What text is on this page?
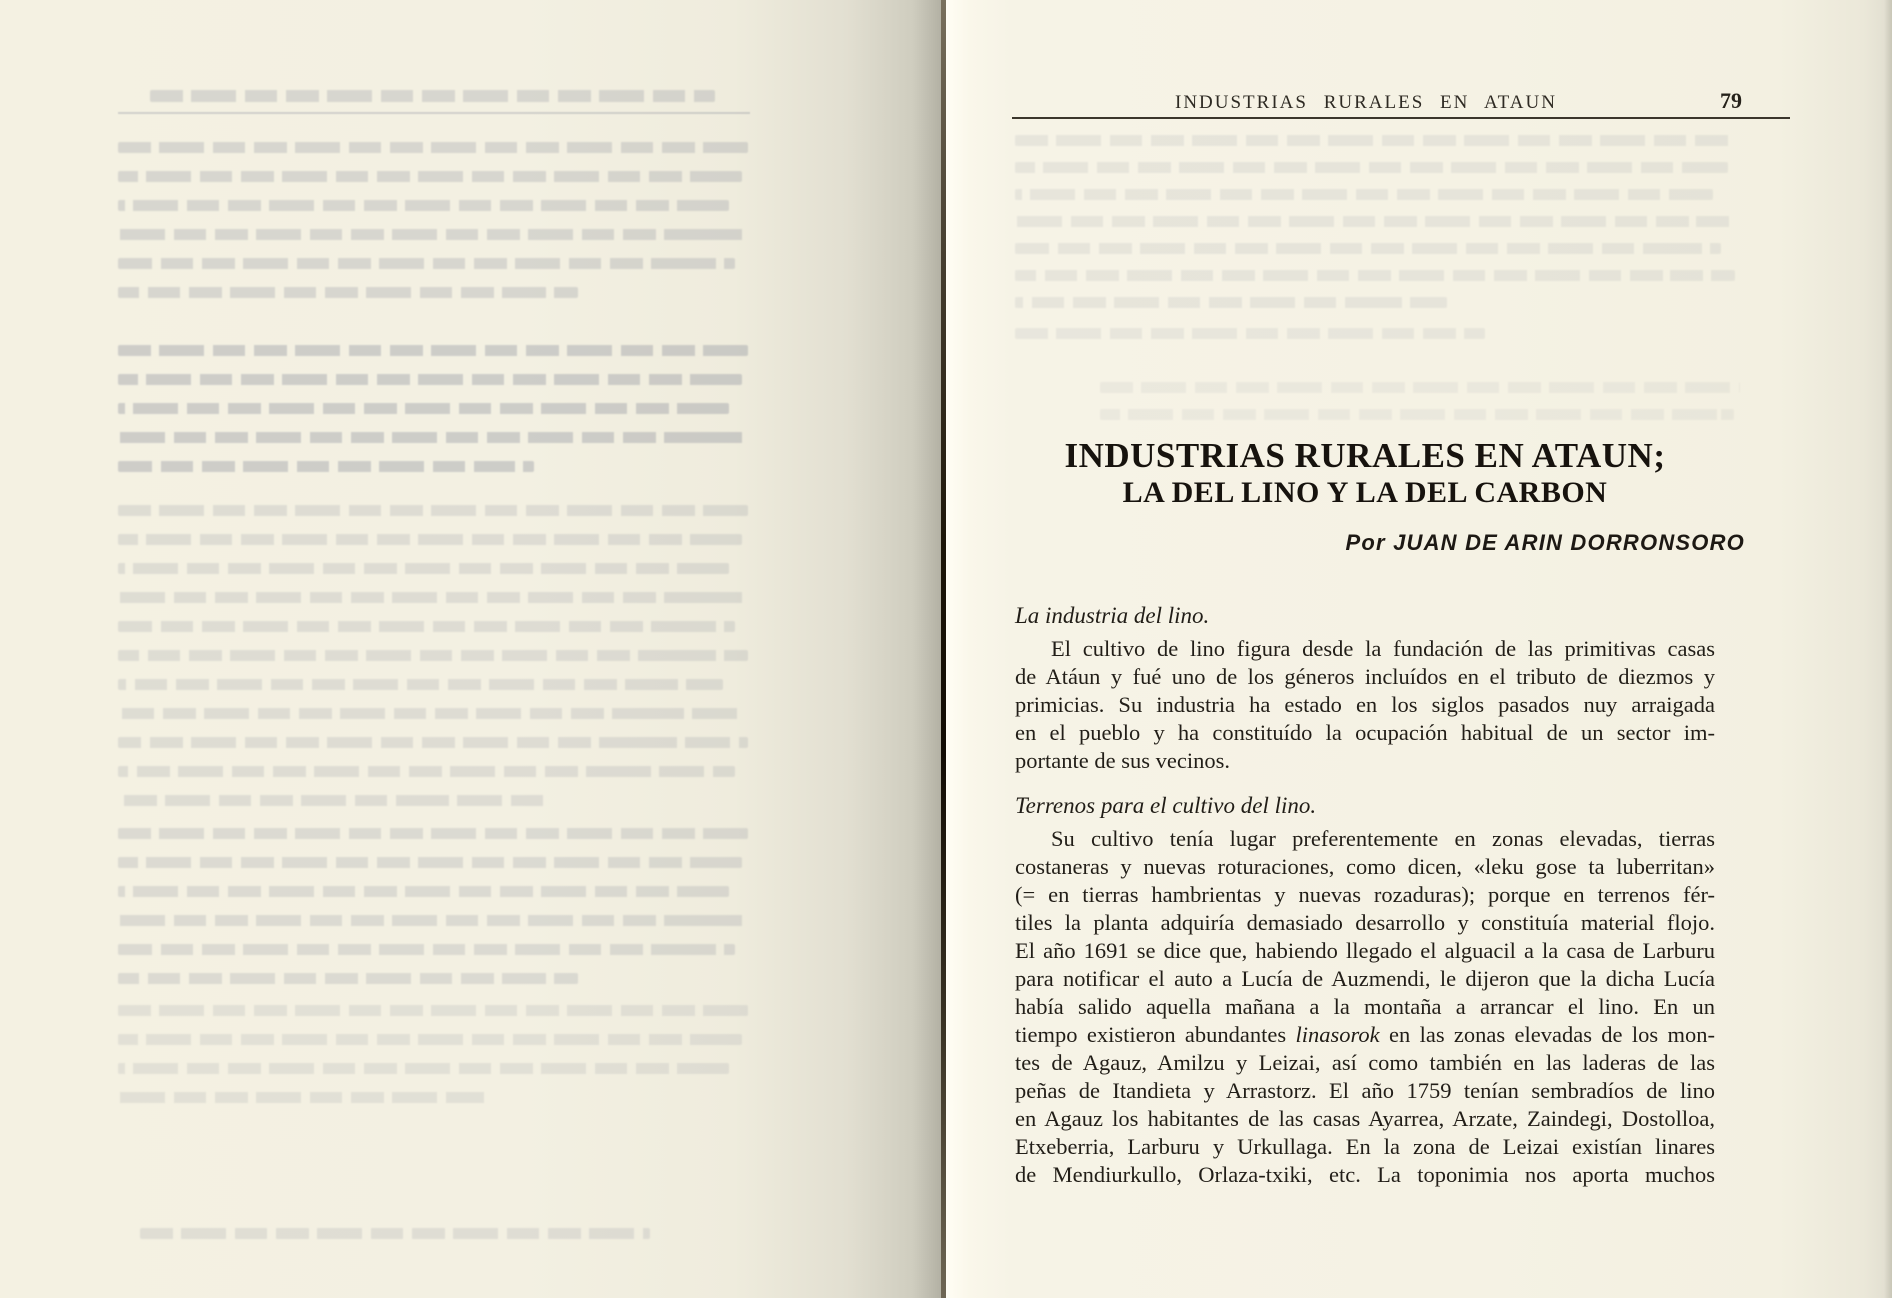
INDUSTRIAS RURALES EN ATAUN	79
INDUSTRIAS RURALES EN ATAUN;
LA DEL LINO Y LA DEL CARBON
Por JUAN DE ARIN DORRONSORO
La industria del lino.
El cultivo de lino figura desde la fundación de las primitivas casas
de Atáun y fué uno de los géneros incluídos en el tributo de diezmos y
primicias. Su industria ha estado en los siglos pasados nuy arraigada
en el pueblo y ha constituído la ocupación habitual de un sector im-
portante de sus vecinos.
Terrenos para el cultivo del lino.
Su cultivo tenía lugar preferentemente en zonas elevadas, tierras
costaneras y nuevas roturaciones, como dicen, «leku gose ta luberritan»
(= en tierras hambrientas y nuevas rozaduras); porque en terrenos fér-
tiles la planta adquiría demasiado desarrollo y constituía material flojo.
El año 1691 se dice que, habiendo llegado el alguacil a la casa de Larburu
para notificar el auto a Lucía de Auzmendi, le dijeron que la dicha Lucía
había salido aquella mañana a la montaña a arrancar el lino. En un
tiempo existieron abundantes linasorok en las zonas elevadas de los mon-
tes de Agauz, Amilzu y Leizai, así como también en las laderas de las
peñas de Itandieta y Arrastorz. El año 1759 tenían sembradíos de lino
en Agauz los habitantes de las casas Ayarrea, Arzate, Zaindegi, Dostolloa,
Etxeberria, Larburu y Urkullaga. En la zona de Leizai existían linares
de Mendiurkullo, Orlaza-txiki, etc. La toponimia nos aporta muchos
